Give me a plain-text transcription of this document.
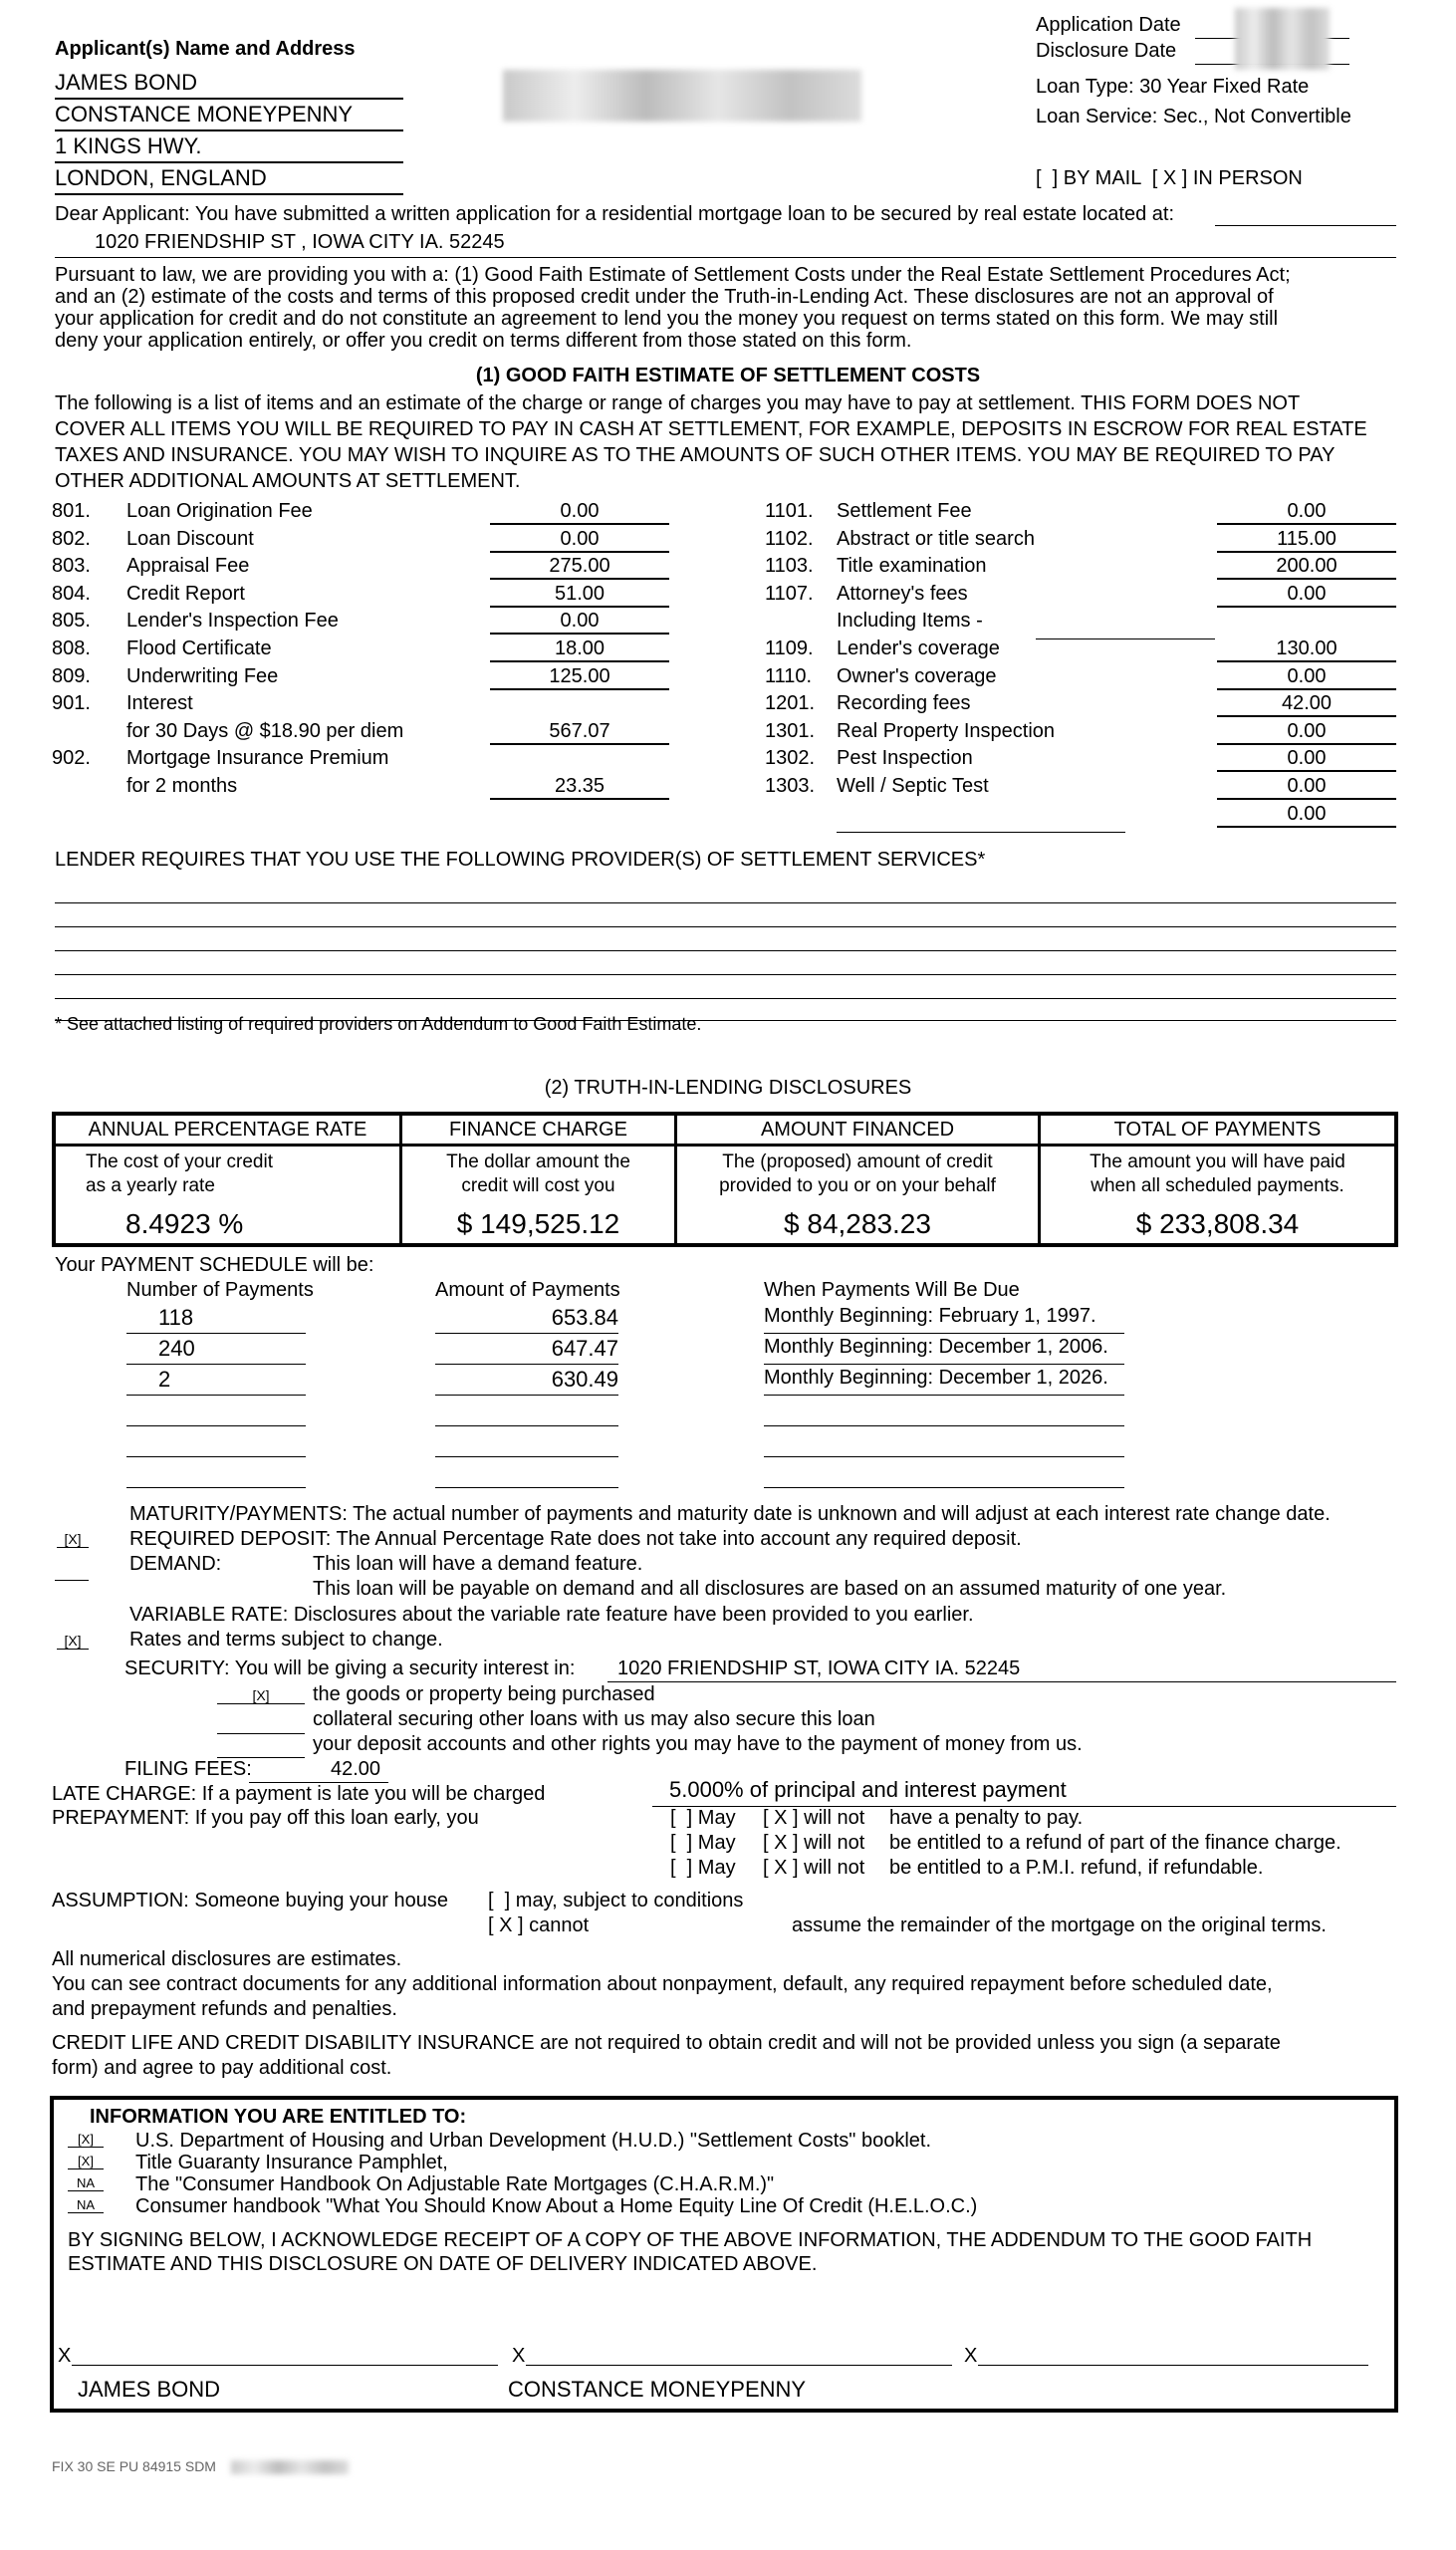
Applicant(s) Name and Address
JAMES BOND
CONSTANCE MONEYPENNY
1 KINGS HWY.
LONDON, ENGLAND
Application Date
Disclosure Date
Loan Type: 30 Year Fixed Rate
Loan Service: Sec., Not Convertible
[  ] BY MAIL  [ X ] IN PERSON
Dear Applicant: You have submitted a written application for a residential mortgage loan to be secured by real estate located at:
1020 FRIENDSHIP ST , IOWA CITY IA. 52245
Pursuant to law, we are providing you with a: (1) Good Faith Estimate of Settlement Costs under the Real Estate Settlement Procedures Act;
and an (2) estimate of the costs and terms of this proposed credit under the Truth-in-Lending Act. These disclosures are not an approval of
your application for credit and do not constitute an agreement to lend you the money you request on terms stated on this form. We may still
deny your application entirely, or offer you credit on terms different from those stated on this form.
(1) GOOD FAITH ESTIMATE OF SETTLEMENT COSTS
The following is a list of items and an estimate of the charge or range of charges you may have to pay at settlement. THIS FORM DOES NOT
COVER ALL ITEMS YOU WILL BE REQUIRED TO PAY IN CASH AT SETTLEMENT, FOR EXAMPLE, DEPOSITS IN ESCROW FOR REAL ESTATE
TAXES AND INSURANCE. YOU MAY WISH TO INQUIRE AS TO THE AMOUNTS OF SUCH OTHER ITEMS. YOU MAY BE REQUIRED TO PAY
OTHER ADDITIONAL AMOUNTS AT SETTLEMENT.
801. Loan Origination Fee	0.00
802. Loan Discount	0.00
803. Appraisal Fee	275.00
804. Credit Report	51.00
805. Lender's Inspection Fee	0.00
808. Flood Certificate	18.00
809. Underwriting Fee	125.00
901. Interest
for 30 Days @ $18.90 per diem	567.07
902. Mortgage Insurance Premium
for 2 months	23.35
1101. Settlement Fee	0.00
1102. Abstract or title search	115.00
1103. Title examination	200.00
1107. Attorney's fees	0.00
Including Items -
1109. Lender's coverage	130.00
1110. Owner's coverage	0.00
1201. Recording fees	42.00
1301. Real Property Inspection	0.00
1302. Pest Inspection	0.00
1303. Well / Septic Test	0.00
0.00
LENDER REQUIRES THAT YOU USE THE FOLLOWING PROVIDER(S) OF SETTLEMENT SERVICES*
* See attached listing of required providers on Addendum to Good Faith Estimate.
(2) TRUTH-IN-LENDING DISCLOSURES
ANNUAL PERCENTAGE RATE
The cost of your credit
as a yearly rate
8.4923 %
FINANCE CHARGE
The dollar amount the
credit will cost you
$ 149,525.12
AMOUNT FINANCED
The (proposed) amount of credit
provided to you or on your behalf
$ 84,283.23
TOTAL OF PAYMENTS
The amount you will have paid
when all scheduled payments.
$ 233,808.34
Your PAYMENT SCHEDULE will be:
Number of Payments	Amount of Payments	When Payments Will Be Due
118	653.84	Monthly Beginning: February 1, 1997.
240	647.47	Monthly Beginning: December 1, 2006.
2	630.49	Monthly Beginning: December 1, 2026.
MATURITY/PAYMENTS: The actual number of payments and maturity date is unknown and will adjust at each interest rate change date.
[X]	REQUIRED DEPOSIT: The Annual Percentage Rate does not take into account any required deposit.
DEMAND:	This loan will have a demand feature.
This loan will be payable on demand and all disclosures are based on an assumed maturity of one year.
VARIABLE RATE: Disclosures about the variable rate feature have been provided to you earlier.
[X]	Rates and terms subject to change.
SECURITY: You will be giving a security interest in: 1020 FRIENDSHIP ST, IOWA CITY IA. 52245
[X]	the goods or property being purchased
collateral securing other loans with us may also secure this loan
your deposit accounts and other rights you may have to the payment of money from us.
FILING FEES:	42.00
LATE CHARGE: If a payment is late you will be charged	5.000% of principal and interest payment
PREPAYMENT: If you pay off this loan early, you	[  ] May [ X ] will not have a penalty to pay.
[  ] May [ X ] will not be entitled to a refund of part of the finance charge.
[  ] May [ X ] will not be entitled to a P.M.I. refund, if refundable.
ASSUMPTION: Someone buying your house [  ] may, subject to conditions
[ X ] cannot	assume the remainder of the mortgage on the original terms.
All numerical disclosures are estimates.
You can see contract documents for any additional information about nonpayment, default, any required repayment before scheduled date,
and prepayment refunds and penalties.
CREDIT LIFE AND CREDIT DISABILITY INSURANCE are not required to obtain credit and will not be provided unless you sign (a separate
form) and agree to pay additional cost.
INFORMATION YOU ARE ENTITLED TO:
[X]	U.S. Department of Housing and Urban Development (H.U.D.) "Settlement Costs" booklet.
[X]	Title Guaranty Insurance Pamphlet,
NA	The "Consumer Handbook On Adjustable Rate Mortgages (C.H.A.R.M.)"
NA	Consumer handbook "What You Should Know About a Home Equity Line Of Credit (H.E.L.O.C.)
BY SIGNING BELOW, I ACKNOWLEDGE RECEIPT OF A COPY OF THE ABOVE INFORMATION, THE ADDENDUM TO THE GOOD FAITH
ESTIMATE AND THIS DISCLOSURE ON DATE OF DELIVERY INDICATED ABOVE.
X	X	X
JAMES BOND	CONSTANCE MONEYPENNY
FIX 30 SE PU 84915 SDM
